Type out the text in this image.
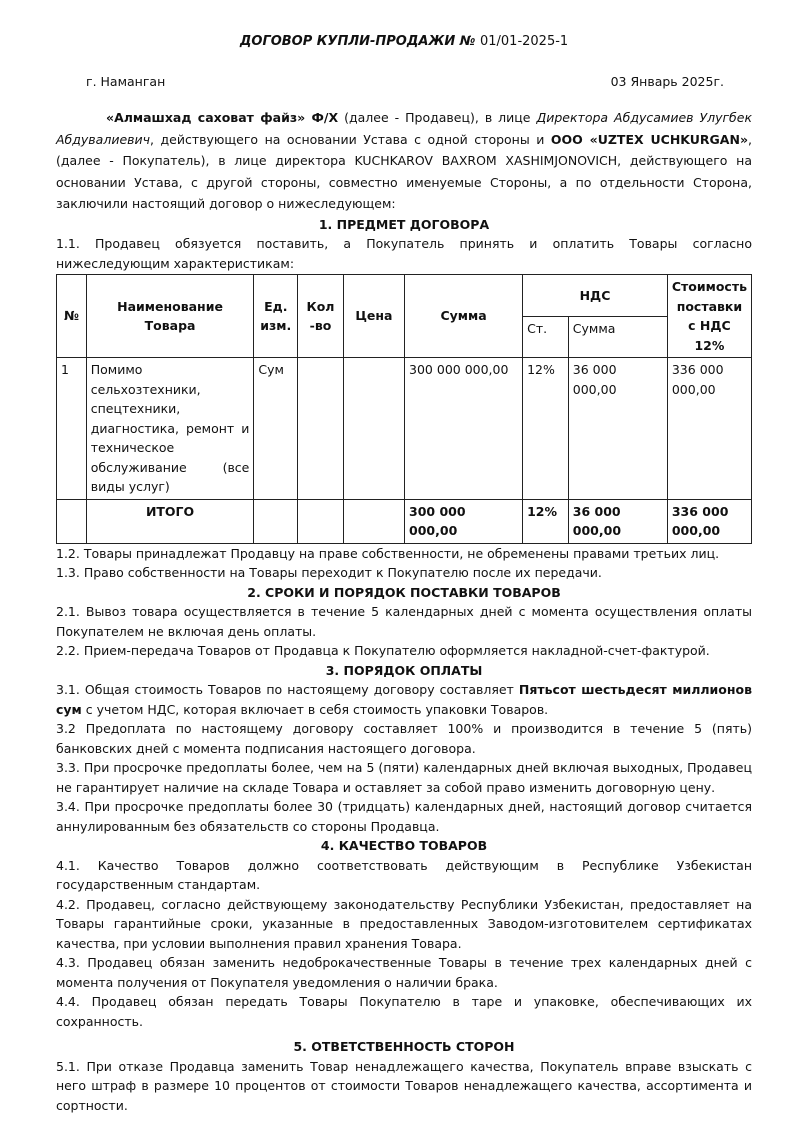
ДОГОВОР КУПЛИ-ПРОДАЖИ № 01/01-2025-1

г. Наманган	03 Январь 2025г.

«Алмашхад саховат файз» Ф/Х (далее - Продавец), в лице Директора Абдусамиев Улугбек Абдувалиевич, действующего на основании Устава с одной стороны и ООО «UZTEX UCHKURGAN», (далее - Покупатель), в лице директора KUCHKAROV BAXROM XASHIMJONOVICH, действующего на основании Устава, с другой стороны, совместно именуемые Стороны, а по отдельности Сторона, заключили настоящий договор о нижеследующем:

1. ПРЕДМЕТ ДОГОВОРА

1.1. Продавец обязуется поставить, а Покупатель принять и оплатить Товары согласно нижеследующим характеристикам:

№	Наименование Товара	Ед. изм.	Кол -во	Цена	Сумма	НДС		Стоимость поставки с НДС 12%
						Ст.	Сумма	
1	Помимо сельхозтехники, спецтехники, диагностика, ремонт и техническое обслуживание (все виды услуг)	Сум			300 000 000,00	12%	36 000 000,00	336 000 000,00
	ИТОГО				300 000 000,00	12%	36 000 000,00	336 000 000,00

1.2. Товары принадлежат Продавцу на праве собственности, не обременены правами третьих лиц.

1.3. Право собственности на Товары переходит к Покупателю после их передачи.

2. СРОКИ И ПОРЯДОК ПОСТАВКИ ТОВАРОВ

2.1. Вывоз товара осуществляется в течение 5 календарных дней с момента осуществления оплаты Покупателем не включая день оплаты.

2.2. Прием-передача Товаров от Продавца к Покупателю оформляется накладной-счет-фактурой.

3. ПОРЯДОК ОПЛАТЫ

3.1. Общая стоимость Товаров по настоящему договору составляет Пятьсот шестьдесят миллионов сум с учетом НДС, которая включает в себя стоимость упаковки Товаров.

3.2 Предоплата по настоящему договору составляет 100% и производится в течение 5 (пять) банковских дней с момента подписания настоящего договора.

3.3. При просрочке предоплаты более, чем на 5 (пяти) календарных дней включая выходных, Продавец не гарантирует наличие на складе Товара и оставляет за собой право изменить договорную цену.

3.4. При просрочке предоплаты более 30 (тридцать) календарных дней, настоящий договор считается аннулированным без обязательств со стороны Продавца.

4. КАЧЕСТВО ТОВАРОВ

4.1. Качество Товаров должно соответствовать действующим в Республике Узбекистан государственным стандартам.

4.2. Продавец, согласно действующему законодательству Республики Узбекистан, предоставляет на Товары гарантийные сроки, указанные в предоставленных Заводом-изготовителем сертификатах качества, при условии выполнения правил хранения Товара.

4.3. Продавец обязан заменить недоброкачественные Товары в течение трех календарных дней с момента получения от Покупателя уведомления о наличии брака.

4.4. Продавец обязан передать Товары Покупателю в таре и упаковке, обеспечивающих их сохранность.

5. ОТВЕТСТВЕННОСТЬ СТОРОН

5.1. При отказе Продавца заменить Товар ненадлежащего качества, Покупатель вправе взыскать с него штраф в размере 10 процентов от стоимости Товаров ненадлежащего качества, ассортимента и сортности.
